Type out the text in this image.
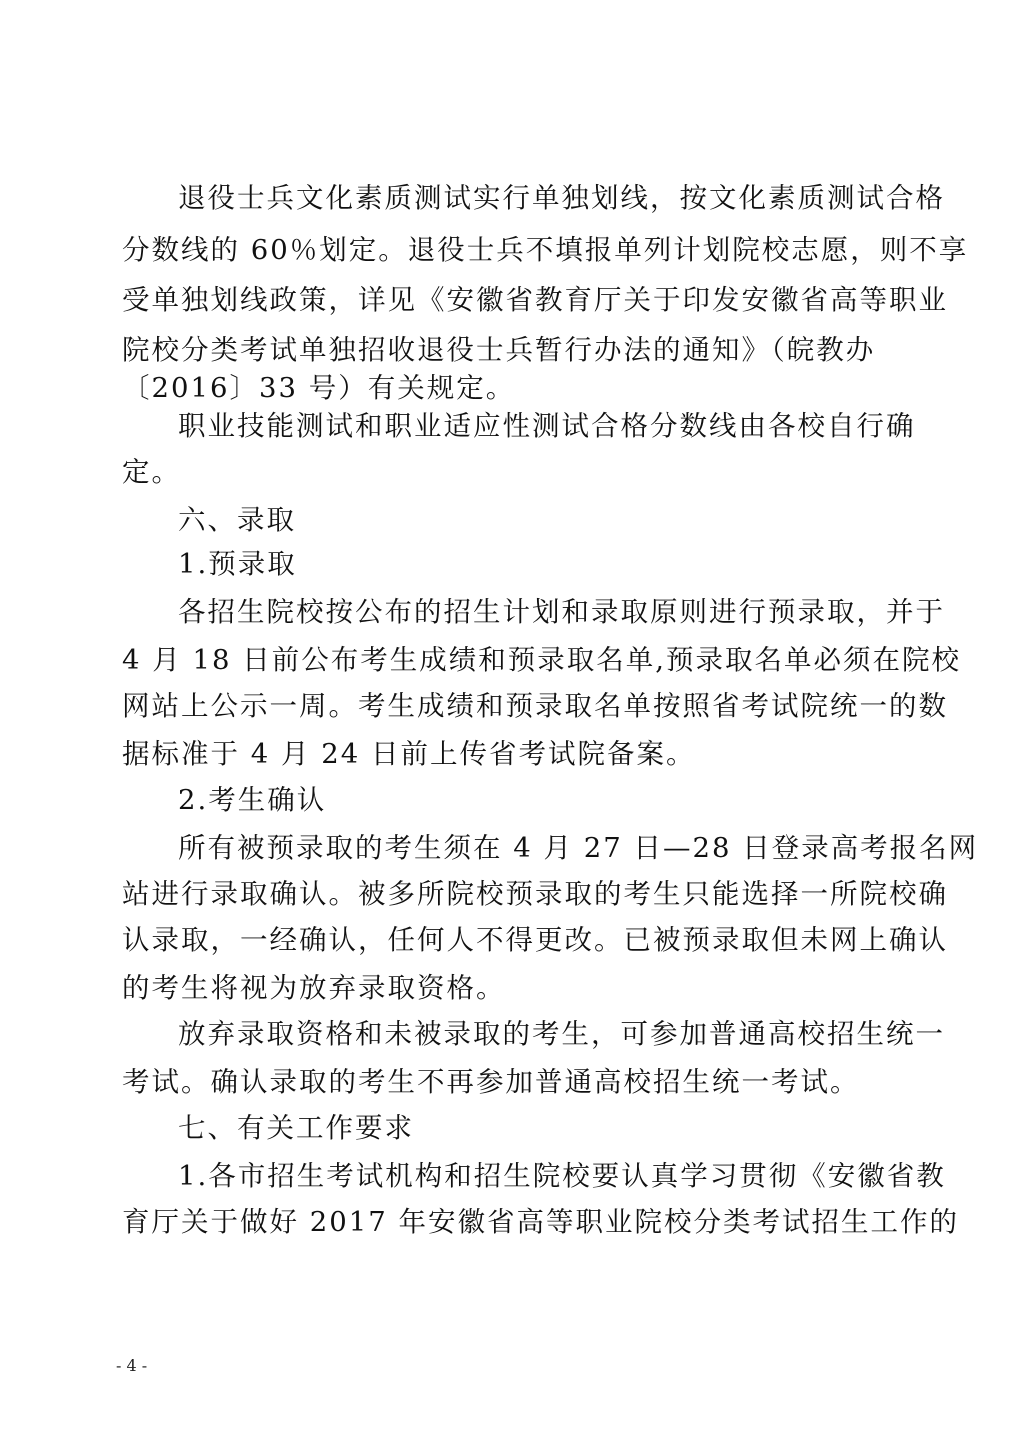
退役士兵文化素质测试实行单独划线，按文化素质测试合格
分数线的 60％划定。退役士兵不填报单列计划院校志愿，则不享
受单独划线政策，详见《安徽省教育厅关于印发安徽省高等职业
院校分类考试单独招收退役士兵暂行办法的通知》（皖教办
〔2016〕33 号）有关规定。
职业技能测试和职业适应性测试合格分数线由各校自行确
定。
六、录取
1.预录取
各招生院校按公布的招生计划和录取原则进行预录取，并于
4 月 18 日前公布考生成绩和预录取名单,预录取名单必须在院校
网站上公示一周。考生成绩和预录取名单按照省考试院统一的数
据标准于 4 月 24 日前上传省考试院备案。
2.考生确认
所有被预录取的考生须在 4 月 27 日—28 日登录高考报名网
站进行录取确认。被多所院校预录取的考生只能选择一所院校确
认录取，一经确认，任何人不得更改。已被预录取但未网上确认
的考生将视为放弃录取资格。
放弃录取资格和未被录取的考生，可参加普通高校招生统一
考试。确认录取的考生不再参加普通高校招生统一考试。
七、有关工作要求
1.各市招生考试机构和招生院校要认真学习贯彻《安徽省教
育厅关于做好 2017 年安徽省高等职业院校分类考试招生工作的
- 4 -
